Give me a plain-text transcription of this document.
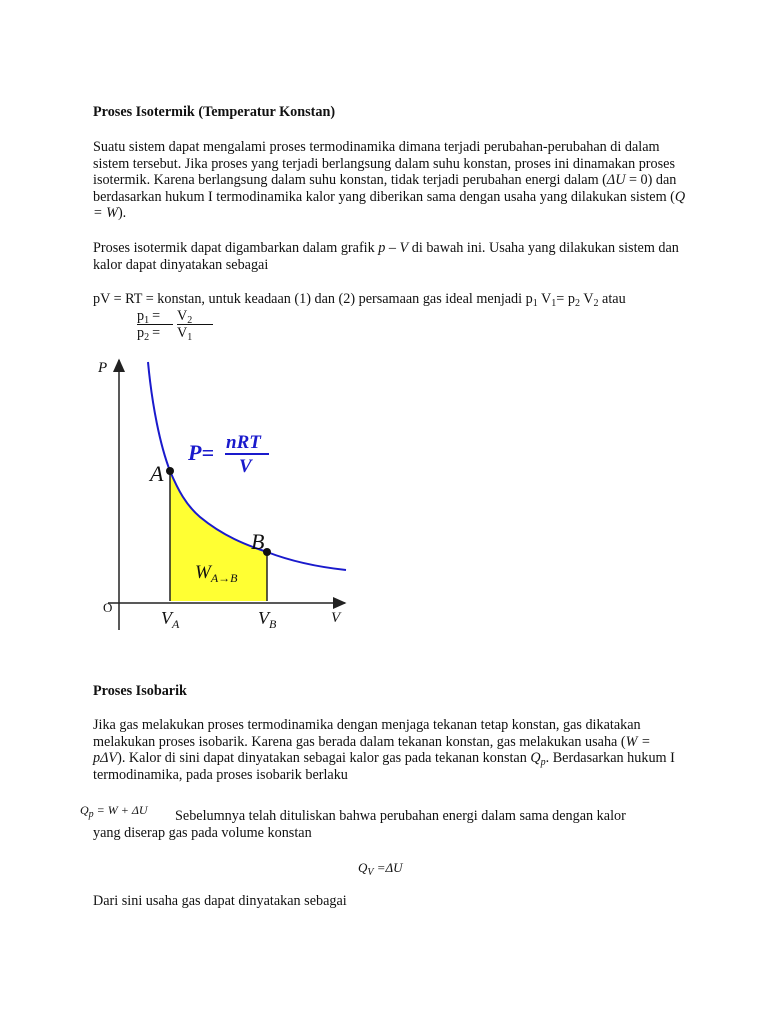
Proses Isotermik (Temperatur Konstan)
Suatu sistem dapat mengalami proses termodinamika dimana terjadi perubahan-perubahan di dalam sistem tersebut. Jika proses yang terjadi berlangsung dalam suhu konstan, proses ini dinamakan proses isotermik. Karena berlangsung dalam suhu konstan, tidak terjadi perubahan energi dalam (ΔU = 0) dan berdasarkan hukum I termodinamika kalor yang diberikan sama dengan usaha yang dilakukan sistem (Q = W).
Proses isotermik dapat digambarkan dalam grafik p – V di bawah ini. Usaha yang dilakukan sistem dan kalor dapat dinyatakan sebagai
pV = RT = konstan, untuk keadaan (1) dan (2) persamaan gas ideal menjadi $p_1$ $V_1= p_2$ $V_2$ atau
$p_1$ =	$V_2$
$p_2$ =	$V_1$
P
V
O
A
B
$V_A$	$V_B$
P= nRT
V
$W_{A\to B}$
Proses Isobarik
Jika gas melakukan proses termodinamika dengan menjaga tekanan tetap konstan, gas dikatakan melakukan proses isobarik. Karena gas berada dalam tekanan konstan, gas melakukan usaha (W = pΔV). Kalor di sini dapat dinyatakan sebagai kalor gas pada tekanan konstan $Q_p$. Berdasarkan hukum I termodinamika, pada proses isobarik berlaku
$Q_p = W + \Delta U$ Sebelumnya telah dituliskan bahwa perubahan energi dalam sama dengan kalor
yang diserap gas pada volume konstan
$Q_V =\Delta U$
Dari sini usaha gas dapat dinyatakan sebagai
